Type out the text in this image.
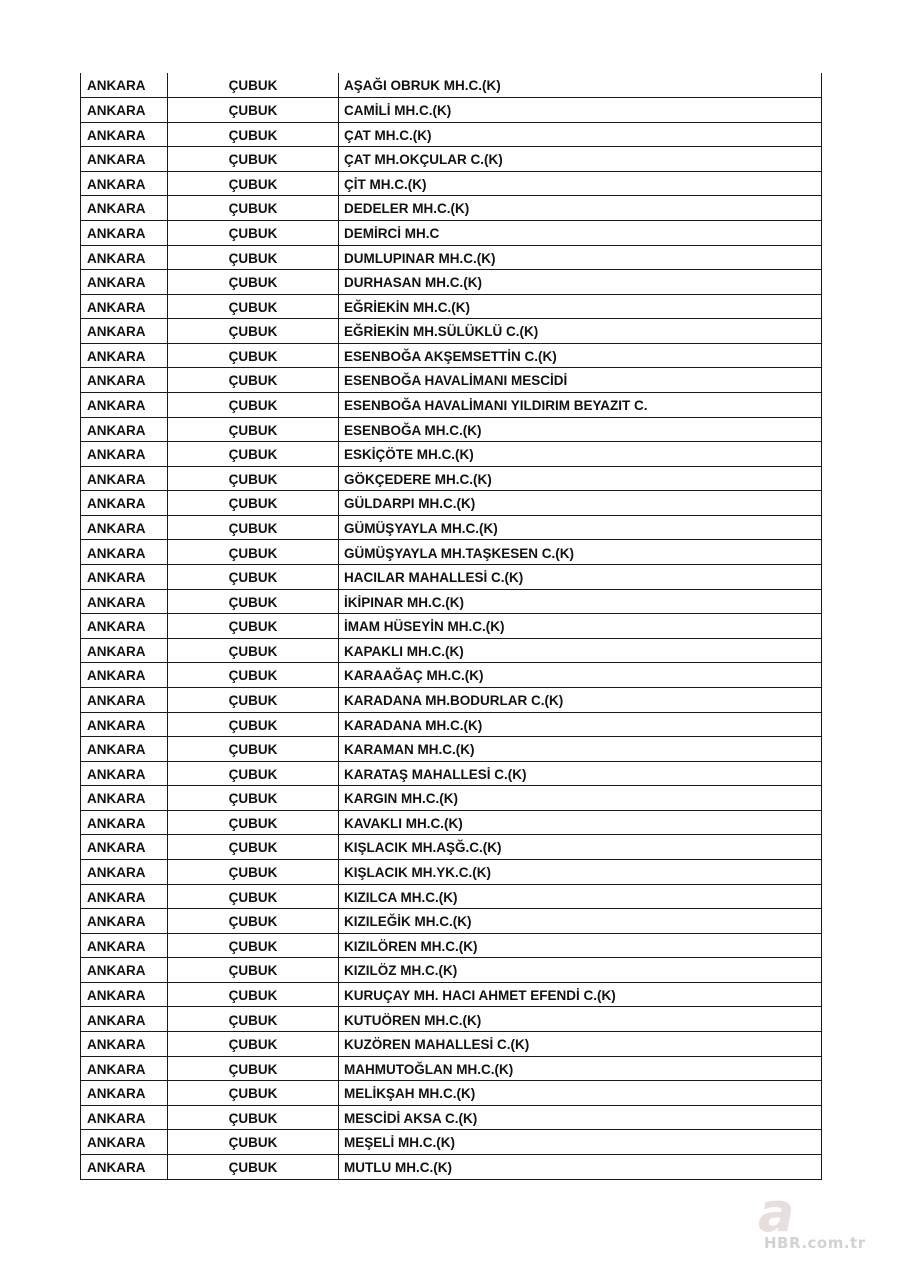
ANKARA	ÇUBUK	AŞAĞI OBRUK MH.C.(K)
ANKARA	ÇUBUK	CAMİLİ MH.C.(K)
ANKARA	ÇUBUK	ÇAT MH.C.(K)
ANKARA	ÇUBUK	ÇAT MH.OKÇULAR C.(K)
ANKARA	ÇUBUK	ÇİT MH.C.(K)
ANKARA	ÇUBUK	DEDELER MH.C.(K)
ANKARA	ÇUBUK	DEMİRCİ MH.C
ANKARA	ÇUBUK	DUMLUPINAR MH.C.(K)
ANKARA	ÇUBUK	DURHASAN MH.C.(K)
ANKARA	ÇUBUK	EĞRİEKİN MH.C.(K)
ANKARA	ÇUBUK	EĞRİEKİN MH.SÜLÜKLÜ C.(K)
ANKARA	ÇUBUK	ESENBOĞA AKŞEMSETTİN C.(K)
ANKARA	ÇUBUK	ESENBOĞA HAVALİMANI MESCİDİ
ANKARA	ÇUBUK	ESENBOĞA HAVALİMANI YILDIRIM BEYAZIT C.
ANKARA	ÇUBUK	ESENBOĞA MH.C.(K)
ANKARA	ÇUBUK	ESKİÇÖTE MH.C.(K)
ANKARA	ÇUBUK	GÖKÇEDERE MH.C.(K)
ANKARA	ÇUBUK	GÜLDARPI MH.C.(K)
ANKARA	ÇUBUK	GÜMÜŞYAYLA MH.C.(K)
ANKARA	ÇUBUK	GÜMÜŞYAYLA MH.TAŞKESEN C.(K)
ANKARA	ÇUBUK	HACILAR MAHALLESİ C.(K)
ANKARA	ÇUBUK	İKİPINAR MH.C.(K)
ANKARA	ÇUBUK	İMAM HÜSEYİN MH.C.(K)
ANKARA	ÇUBUK	KAPAKLI MH.C.(K)
ANKARA	ÇUBUK	KARAAĞAÇ MH.C.(K)
ANKARA	ÇUBUK	KARADANA MH.BODURLAR C.(K)
ANKARA	ÇUBUK	KARADANA MH.C.(K)
ANKARA	ÇUBUK	KARAMAN MH.C.(K)
ANKARA	ÇUBUK	KARATAŞ MAHALLESİ C.(K)
ANKARA	ÇUBUK	KARGIN MH.C.(K)
ANKARA	ÇUBUK	KAVAKLI MH.C.(K)
ANKARA	ÇUBUK	KIŞLACIK MH.AŞĞ.C.(K)
ANKARA	ÇUBUK	KIŞLACIK MH.YK.C.(K)
ANKARA	ÇUBUK	KIZILCA MH.C.(K)
ANKARA	ÇUBUK	KIZILEĞİK MH.C.(K)
ANKARA	ÇUBUK	KIZILÖREN MH.C.(K)
ANKARA	ÇUBUK	KIZILÖZ MH.C.(K)
ANKARA	ÇUBUK	KURUÇAY MH. HACI AHMET EFENDİ C.(K)
ANKARA	ÇUBUK	KUTUÖREN MH.C.(K)
ANKARA	ÇUBUK	KUZÖREN MAHALLESİ C.(K)
ANKARA	ÇUBUK	MAHMUTOĞLAN MH.C.(K)
ANKARA	ÇUBUK	MELİKŞAH MH.C.(K)
ANKARA	ÇUBUK	MESCİDİ AKSA C.(K)
ANKARA	ÇUBUK	MEŞELİ MH.C.(K)
ANKARA	ÇUBUK	MUTLU MH.C.(K)
a
HBR.com.tr
